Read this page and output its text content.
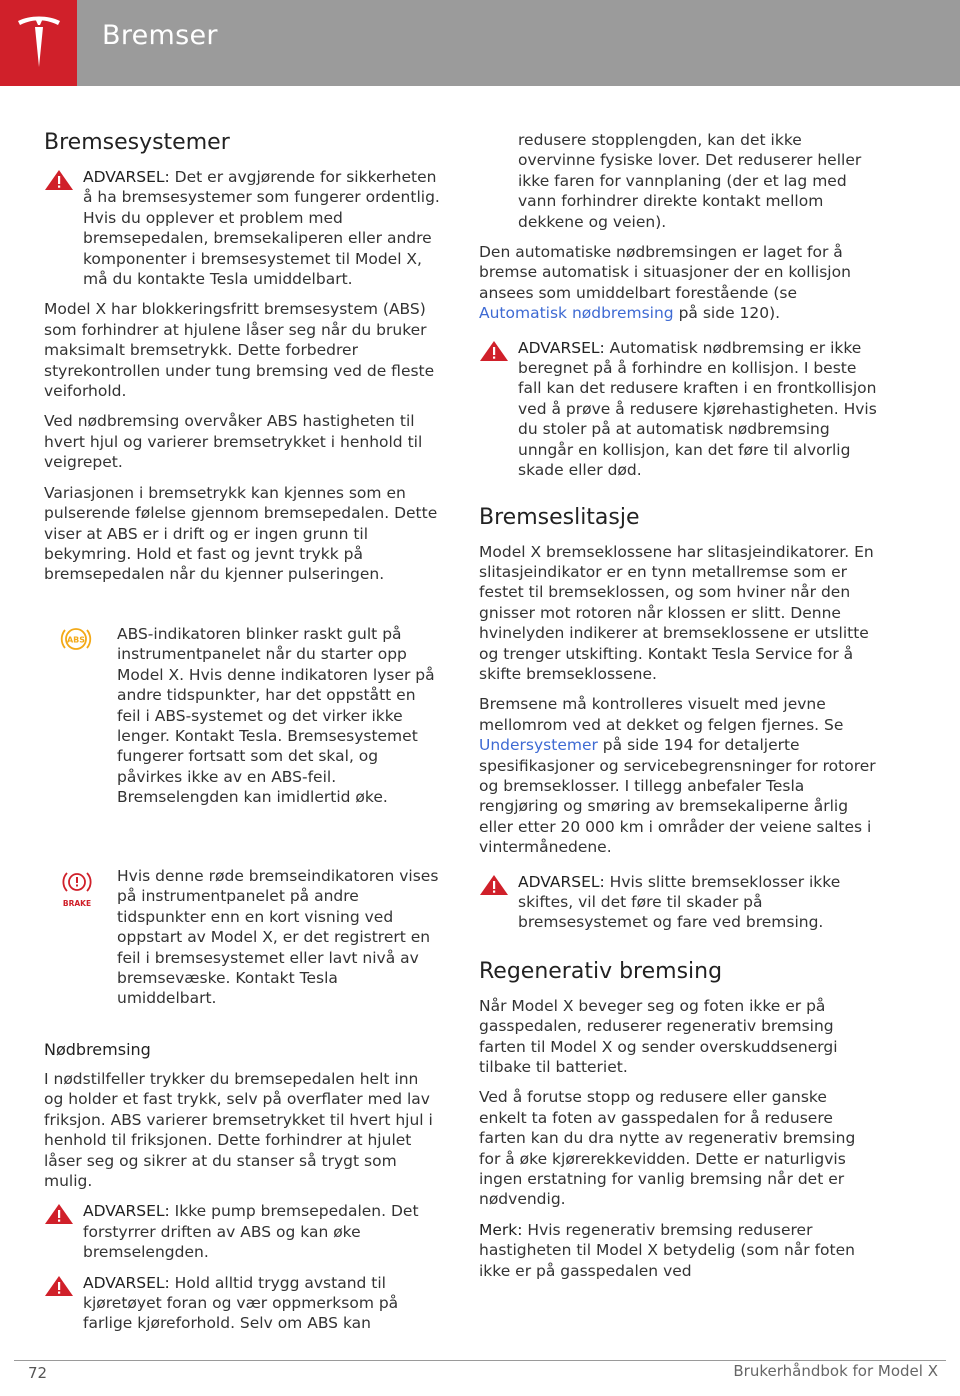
Bremser
Bremsesystemer
ADVARSEL: Det er avgjørende for sikkerheten å ha bremsesystemer som fungerer ordentlig. Hvis du opplever et problem med bremsepedalen, bremsekaliperen eller andre komponenter i bremsesystemet til Model X, må du kontakte Tesla umiddelbart.

Model X har blokkeringsfritt bremsesystem (ABS) som forhindrer at hjulene låser seg når du bruker maksimalt bremsetrykk. Dette forbedrer styrekontrollen under tung bremsing ved de fleste veiforhold.

Ved nødbremsing overvåker ABS hastigheten til hvert hjul og varierer bremsetrykket i henhold til veigrepet.

Variasjonen i bremsetrykk kan kjennes som en pulserende følelse gjennom bremsepedalen. Dette viser at ABS er i drift og er ingen grunn til bekymring. Hold et fast og jevnt trykk på bremsepedalen når du kjenner pulseringen.

ABS ABS-indikatoren blinker raskt gult på instrumentpanelet når du starter opp Model X. Hvis denne indikatoren lyser på andre tidspunkter, har det oppstått en feil i ABS-systemet og det virker ikke lenger. Kontakt Tesla. Bremsesystemet fungerer fortsatt som det skal, og påvirkes ikke av en ABS-feil. Bremselengden kan imidlertid øke.
BRAKE
Hvis denne røde bremseindikatoren vises på instrumentpanelet på andre tidspunkter enn en kort visning ved oppstart av Model X, er det registrert en feil i bremsesystemet eller lavt nivå av bremsevæske. Kontakt Tesla umiddelbart.
Nødbremsing

I nødstilfeller trykker du bremsepedalen helt inn og holder et fast trykk, selv på overflater med lav friksjon. ABS varierer bremsetrykket til hvert hjul i henhold til friksjonen. Dette forhindrer at hjulet låser seg og sikrer at du stanser så trygt som mulig.

ADVARSEL: Ikke pump bremsepedalen. Det forstyrrer driften av ABS og kan øke bremselengden.
ADVARSEL: Hold alltid trygg avstand til kjøretøyet foran og vær oppmerksom på farlige kjøreforhold. Selv om ABS kan

redusere stopplengden, kan det ikke overvinne fysiske lover. Det reduserer heller ikke faren for vannplaning (der et lag med vann forhindrer direkte kontakt mellom dekkene og veien).

Den automatiske nødbremsingen er laget for å bremse automatisk i situasjoner der en kollisjon ansees som umiddelbart forestående (se Automatisk nødbremsing på side 120).

ADVARSEL: Automatisk nødbremsing er ikke beregnet på å forhindre en kollisjon. I beste fall kan det redusere kraften i en frontkollisjon ved å prøve å redusere kjørehastigheten. Hvis du stoler på at automatisk nødbremsing unngår en kollisjon, kan det føre til alvorlig skade eller død.
Bremseslitasje

Model X bremseklossene har slitasjeindikatorer. En slitasjeindikator er en tynn metallremse som er festet til bremseklossen, og som hviner når den gnisser mot rotoren når klossen er slitt. Denne hvinelyden indikerer at bremseklossene er utslitte og trenger utskifting. Kontakt Tesla Service for å skifte bremseklossene.

Bremsene må kontrolleres visuelt med jevne mellomrom ved at dekket og felgen fjernes. Se Undersystemer på side 194 for detaljerte spesifikasjoner og servicebegrensninger for rotorer og bremseklosser. I tillegg anbefaler Tesla rengjøring og smøring av bremsekaliperne årlig eller etter 20 000 km i områder der veiene saltes i vintermånedene.

ADVARSEL: Hvis slitte bremseklosser ikke skiftes, vil det føre til skader på bremsesystemet og fare ved bremsing.
Regenerativ bremsing

Når Model X beveger seg og foten ikke er på gasspedalen, reduserer regenerativ bremsing farten til Model X og sender overskuddsenergi tilbake til batteriet.

Ved å forutse stopp og redusere eller ganske enkelt ta foten av gasspedalen for å redusere farten kan du dra nytte av regenerativ bremsing for å øke kjørerekkevidden. Dette er naturligvis ingen erstatning for vanlig bremsing når det er nødvendig.

Merk: Hvis regenerativ bremsing reduserer hastigheten til Model X betydelig (som når foten ikke er på gasspedalen ved

72	Brukerhåndbok for Model X
